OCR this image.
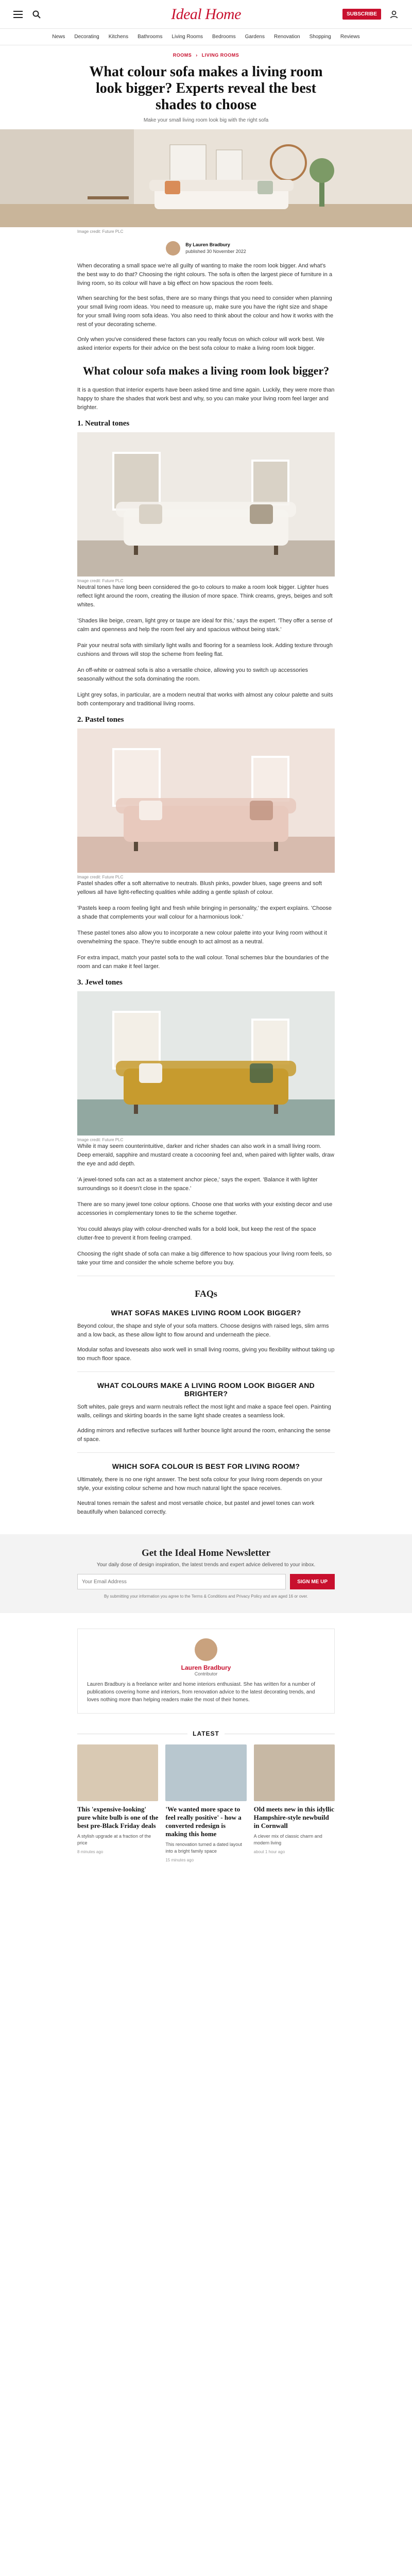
Ideal Home	SUBSCRIBE
News Decorating Kitchens Bathrooms Living Rooms Bedrooms Gardens Renovation Shopping Reviews
ROOMS › LIVING ROOMS
What colour sofa makes a living room look bigger? Experts reveal the best shades to choose
Make your small living room look big with the right sofa
Image credit: Future PLC
By Lauren Bradbury
published 30 November 2022

When decorating a small space we're all guilty of wanting to make the room look bigger. And what's the best way to do that? Choosing the right colours. The sofa is often the largest piece of furniture in a living room, so its colour will have a big effect on how spacious the room feels.

When searching for the best sofas, there are so many things that you need to consider when planning your small living room ideas. You need to measure up, make sure you have the right size and shape for your small living room sofa ideas. You also need to think about the colour and how it works with the rest of your decorating scheme.

Only when you've considered these factors can you really focus on which colour will work best. We asked interior experts for their advice on the best sofa colour to make a living room look bigger.

What colour sofa makes a living room look bigger?

It is a question that interior experts have been asked time and time again. Luckily, they were more than happy to share the shades that work best and why, so you can make your living room feel larger and brighter.

1. Neutral tones
Image credit: Future PLC

Neutral tones have long been considered the go-to colours to make a room look bigger. Lighter hues reflect light around the room, creating the illusion of more space. Think creams, greys, beiges and soft whites.

'Shades like beige, cream, light grey or taupe are ideal for this,' says the expert. 'They offer a sense of calm and openness and help the room feel airy and spacious without being stark.'

Pair your neutral sofa with similarly light walls and flooring for a seamless look. Adding texture through cushions and throws will stop the scheme from feeling flat.

An off-white or oatmeal sofa is also a versatile choice, allowing you to switch up accessories seasonally without the sofa dominating the room.

Light grey sofas, in particular, are a modern neutral that works with almost any colour palette and suits both contemporary and traditional living rooms.

2. Pastel tones
Image credit: Future PLC

Pastel shades offer a soft alternative to neutrals. Blush pinks, powder blues, sage greens and soft yellows all have light-reflecting qualities while adding a gentle splash of colour.

'Pastels keep a room feeling light and fresh while bringing in personality,' the expert explains. 'Choose a shade that complements your wall colour for a harmonious look.'

These pastel tones also allow you to incorporate a new colour palette into your living room without it overwhelming the space. They're subtle enough to act almost as a neutral.

For extra impact, match your pastel sofa to the wall colour. Tonal schemes blur the boundaries of the room and can make it feel larger.

3. Jewel tones
Image credit: Future PLC

While it may seem counterintuitive, darker and richer shades can also work in a small living room. Deep emerald, sapphire and mustard create a cocooning feel and, when paired with lighter walls, draw the eye and add depth.

'A jewel-toned sofa can act as a statement anchor piece,' says the expert. 'Balance it with lighter surroundings so it doesn't close in the space.'

There are so many jewel tone colour options. Choose one that works with your existing decor and use accessories in complementary tones to tie the scheme together.

You could always play with colour-drenched walls for a bold look, but keep the rest of the space clutter-free to prevent it from feeling cramped.

Choosing the right shade of sofa can make a big difference to how spacious your living room feels, so take your time and consider the whole scheme before you buy.

FAQs
WHAT SOFAS MAKES LIVING ROOM LOOK BIGGER?

Beyond colour, the shape and style of your sofa matters. Choose designs with raised legs, slim arms and a low back, as these allow light to flow around and underneath the piece.

Modular sofas and loveseats also work well in small living rooms, giving you flexibility without taking up too much floor space.

WHAT COLOURS MAKE A LIVING ROOM LOOK BIGGER AND BRIGHTER?

Soft whites, pale greys and warm neutrals reflect the most light and make a space feel open. Painting walls, ceilings and skirting boards in the same light shade creates a seamless look.

Adding mirrors and reflective surfaces will further bounce light around the room, enhancing the sense of space.

WHICH SOFA COLOUR IS BEST FOR LIVING ROOM?

Ultimately, there is no one right answer. The best sofa colour for your living room depends on your style, your existing colour scheme and how much natural light the space receives.

Neutral tones remain the safest and most versatile choice, but pastel and jewel tones can work beautifully when balanced correctly.

Get the Ideal Home Newsletter
Your daily dose of design inspiration, the latest trends and expert advice delivered to your inbox.
Your Email Address
SIGN ME UP
By submitting your information you agree to the Terms & Conditions and Privacy Policy and are aged 16 or over.
Lauren Bradbury
Contributor
Lauren Bradbury is a freelance writer and home interiors enthusiast. She has written for a number of publications covering home and interiors, from renovation advice to the latest decorating trends, and loves nothing more than helping readers make the most of their homes.
LATEST
This 'expensive-looking' pure white bulb is one of the best pre-Black Friday deals
A stylish upgrade at a fraction of the price
8 minutes ago
'We wanted more space to feel really positive' - how a converted redesign is making this home
This renovation turned a dated layout into a bright family space
15 minutes ago
Old meets new in this idyllic Hampshire-style newbuild in Cornwall
A clever mix of classic charm and modern living
about 1 hour ago
